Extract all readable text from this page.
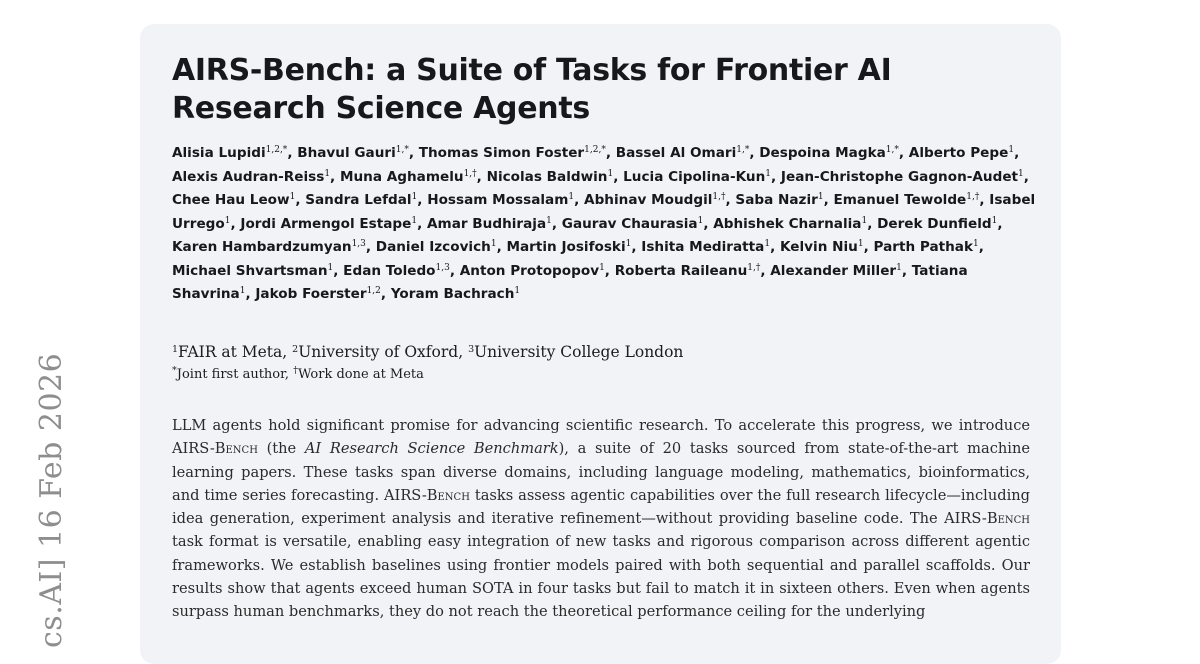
cs.AI] 16 Feb 2026
AIRS-Bench: a Suite of Tasks for Frontier AI Research Science Agents
Alisia Lupidi$^{1,2,*}$, Bhavul Gauri$^{1,*}$, Thomas Simon Foster$^{1,2,*}$, Bassel Al Omari$^{1,*}$, Despoina Magka$^{1,*}$, Alberto Pepe$^1$, Alexis Audran-Reiss$^1$, Muna Aghamelu$^{1,\dagger}$, Nicolas Baldwin$^1$, Lucia Cipolina-Kun$^1$, Jean-Christophe Gagnon-Audet$^1$, Chee Hau Leow$^1$, Sandra Lefdal$^1$, Hossam Mossalam$^1$, Abhinav Moudgil$^{1,\dagger}$, Saba Nazir$^1$, Emanuel Tewolde$^{1,\dagger}$, Isabel Urrego$^1$, Jordi Armengol Estape$^1$, Amar Budhiraja$^1$, Gaurav Chaurasia$^1$, Abhishek Charnalia$^1$, Derek Dunfield$^1$, Karen Hambardzumyan$^{1,3}$, Daniel Izcovich$^1$, Martin Josifoski$^1$, Ishita Mediratta$^1$, Kelvin Niu$^1$, Parth Pathak$^1$, Michael Shvartsman$^1$, Edan Toledo$^{1,3}$, Anton Protopopov$^1$, Roberta Raileanu$^{1,\dagger}$, Alexander Miller$^1$, Tatiana Shavrina$^1$, Jakob Foerster$^{1,2}$, Yoram Bachrach$^1$
$^1$FAIR at Meta, $^2$University of Oxford, $^3$University College London
*Joint first author, †Work done at Meta

LLM agents hold significant promise for advancing scientific research. To accelerate this progress, we introduce AIRS-Bench (the AI Research Science Benchmark), a suite of 20 tasks sourced from state-of-the-art machine learning papers. These tasks span diverse domains, including language modeling, mathematics, bioinformatics, and time series forecasting. AIRS-Bench tasks assess agentic capabilities over the full research lifecycle—including idea generation, experiment analysis and iterative refinement—without providing baseline code. The AIRS-Bench task format is versatile, enabling easy integration of new tasks and rigorous comparison across different agentic frameworks. We establish baselines using frontier models paired with both sequential and parallel scaffolds. Our results show that agents exceed human SOTA in four tasks but fail to match it in sixteen others. Even when agents surpass human benchmarks, they do not reach the theoretical performance ceiling for the underlying
